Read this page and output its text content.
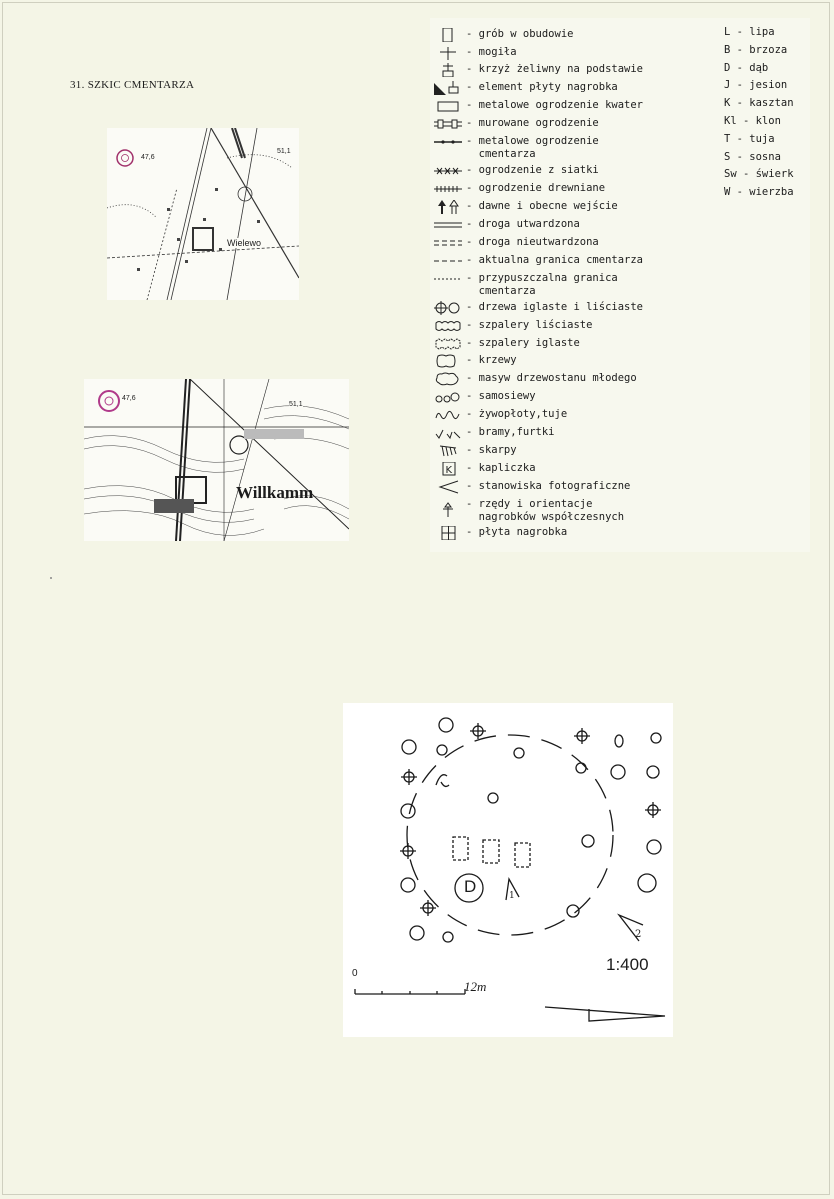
31. SZKIC CMENTARZA
Wielewo
47,6
51,1
Willkamm
47,6
51,1
- grób w obudowie
- mogiła
- krzyż żeliwny na podstawie
- element płyty nagrobka
- metalowe ogrodzenie kwater
- murowane ogrodzenie
- metalowe ogrodzenie
cmentarza
- ogrodzenie z siatki
- ogrodzenie drewniane
- dawne i obecne wejście
- droga utwardzona
- droga nieutwardzona
- aktualna granica cmentarza
- przypuszczalna granica
cmentarza
- drzewa iglaste i liściaste
- szpalery liściaste
- szpalery iglaste
- krzewy
- masyw drzewostanu młodego
- samosiewy
- żywopłoty,tuje
- bramy,furtki
- skarpy
K - kapliczka
- stanowiska fotograficzne
- rzędy i orientacje
nagrobków współczesnych
- płyta nagrobka
L - lipa
B - brzoza
D - dąb
J - jesion
K - kasztan
Kl - klon
T - tuja
S - sosna
Sw - świerk
W - wierzba
D	1
2
1:400
0
12m
